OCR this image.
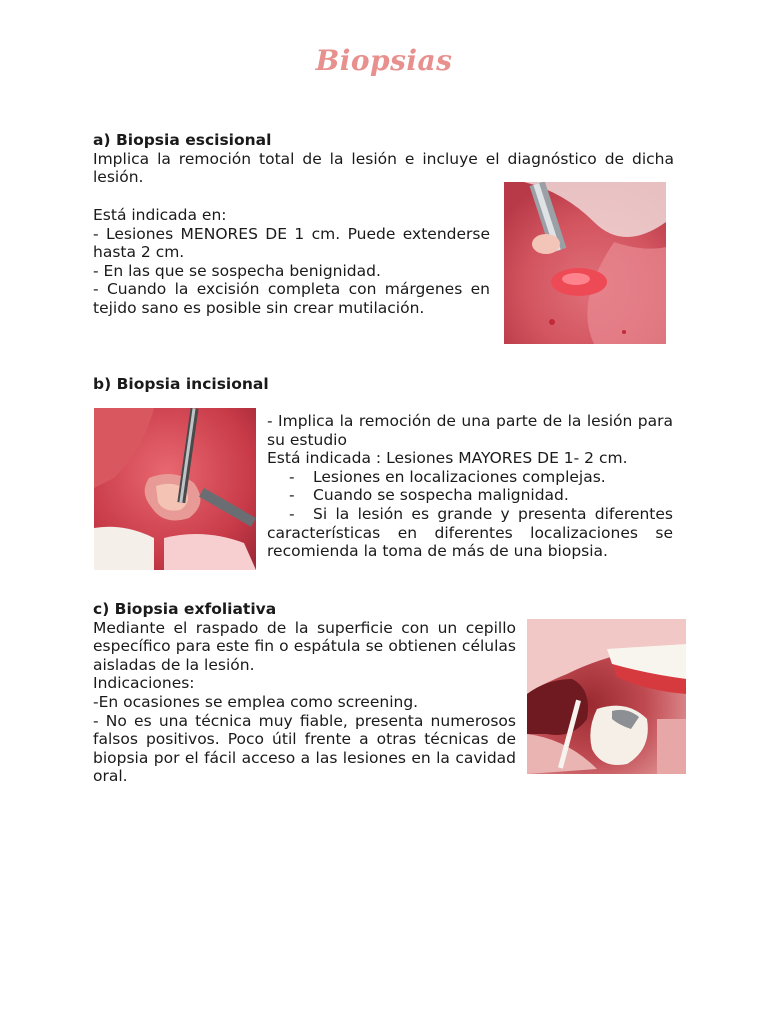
Biopsias
a) Biopsia escisional
Implica la remoción total de la lesión e incluye el diagnóstico de dicha lesión.
Está indicada en:
- Lesiones MENORES DE 1 cm. Puede extenderse hasta 2 cm.
- En las que se sospecha benignidad.
- Cuando la excisión completa con márgenes en tejido sano es posible sin crear mutilación.
b) Biopsia incisional
- Implica la remoción de una parte de la lesión para su estudio
Está indicada : Lesiones MAYORES DE 1- 2 cm.
- Lesiones en localizaciones complejas.
- Cuando se sospecha malignidad.
- Si la lesión es grande y presenta diferentes características en diferentes localizaciones se recomienda la toma de más de una biopsia.
c) Biopsia exfoliativa
Mediante el raspado de la superficie con un cepillo específico para este fin o espátula se obtienen células aisladas de la lesión.
Indicaciones:
-En ocasiones se emplea como screening.
- No es una técnica muy fiable, presenta numerosos falsos positivos. Poco útil frente a otras técnicas de biopsia por el fácil acceso a las lesiones en la cavidad oral.
